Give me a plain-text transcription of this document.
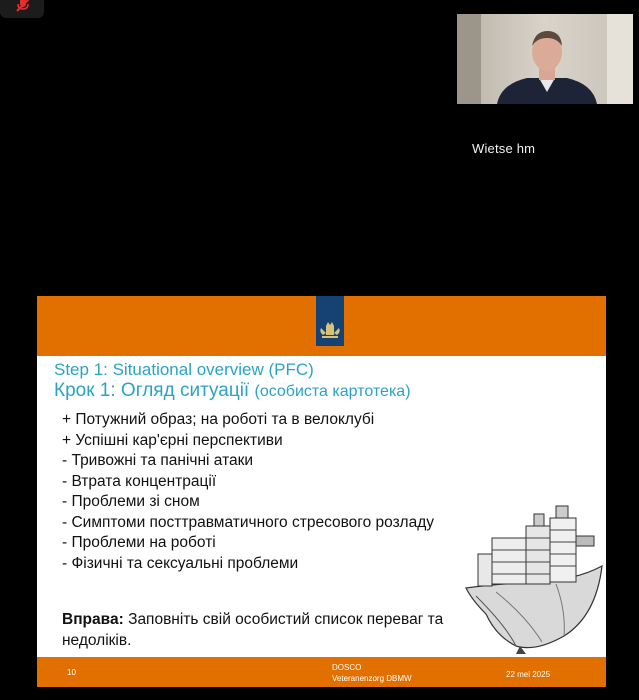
Wietse hm
Step 1: Situational overview (PFC)
Крок 1: Огляд ситуації (особиста картотека)
+ Потужний образ; на роботі та в велоклубі
+ Успішні кар'єрні перспективи
- Тривожні та панічні атаки
- Втрата концентрації
- Проблеми зі сном
- Симптоми посттравматичного стресового розладу
- Проблеми на роботі
- Фізичні та сексуальні проблеми
Вправа: Заповніть свій особистий список переваг та недоліків.
10
DOSCO
Veteranenzorg DBMW	22 mei 2025
